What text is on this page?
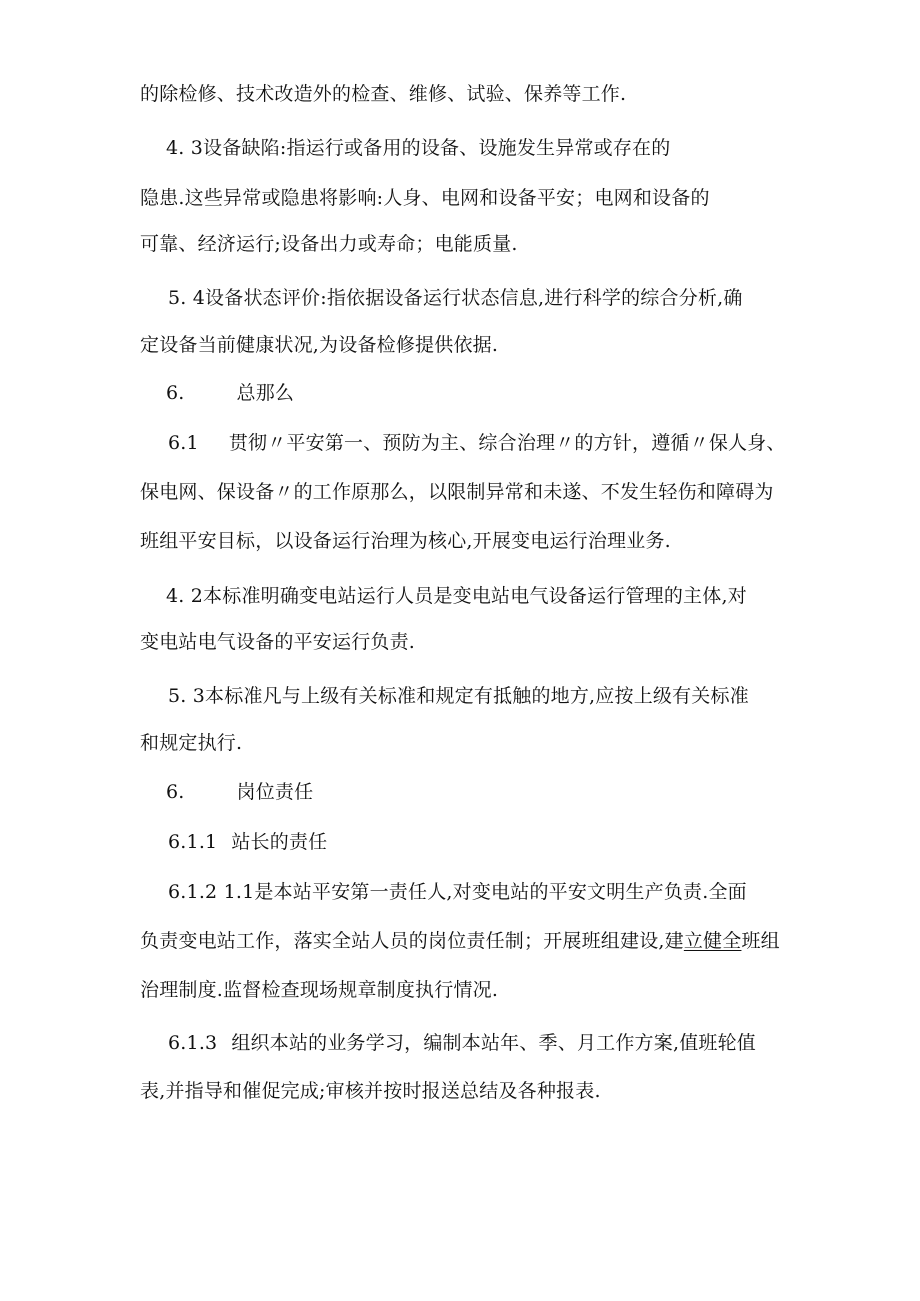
的除检修、技术改造外的检查、维修、试验、保养等工作.
4. 3设备缺陷:指运行或备用的设备、设施发生异常或存在的
隐患.这些异常或隐患将影响:人身、电网和设备平安；电网和设备的
可靠、经济运行;设备出力或寿命；电能质量.
5. 4设备状态评价:指依据设备运行状态信息,进行科学的综合分析,确
定设备当前健康状况,为设备检修提供依据.
6.	总那么
6.1 贯彻〃平安第一、预防为主、综合治理〃的方针，遵循〃保人身、
保电网、保设备〃的工作原那么，以限制异常和未遂、不发生轻伤和障碍为
班组平安目标，以设备运行治理为核心,开展变电运行治理业务.
4. 2本标准明确变电站运行人员是变电站电气设备运行管理的主体,对
变电站电气设备的平安运行负责.
5. 3本标准凡与上级有关标准和规定有抵触的地方,应按上级有关标准
和规定执行.
6.	岗位责任
6.1.1 站长的责任
6.1.2 1.1是本站平安第一责任人,对变电站的平安文明生产负责.全面
负责变电站工作，落实全站人员的岗位责任制；开展班组建设,建立健全班组
治理制度.监督检查现场规章制度执行情况.
6.1.3 组织本站的业务学习，编制本站年、季、月工作方案,值班轮值
表,并指导和催促完成;审核并按时报送总结及各种报表.
